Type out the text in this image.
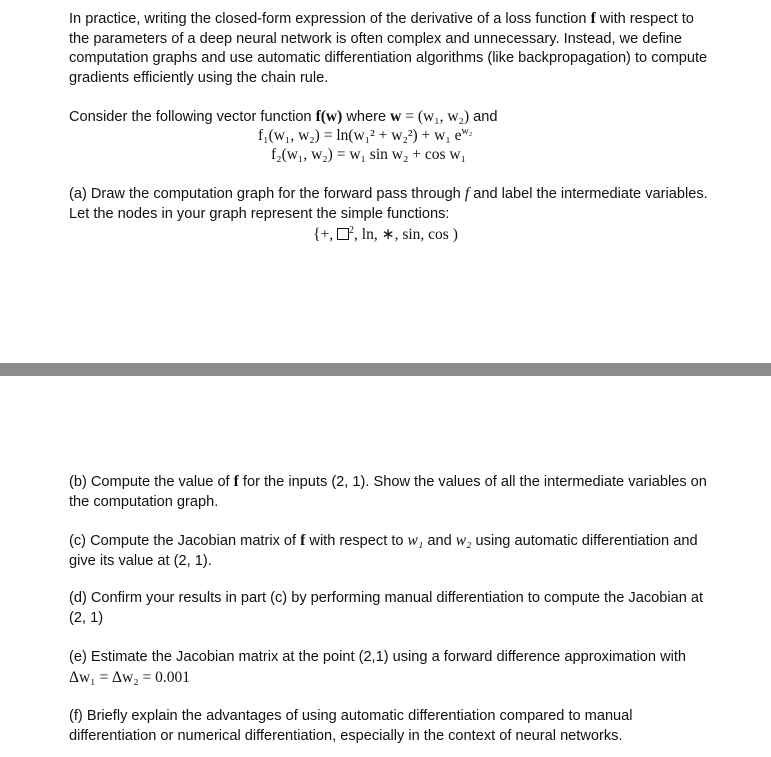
In practice, writing the closed-form expression of the derivative of a loss function f with respect to the parameters of a deep neural network is often complex and unnecessary. Instead, we define computation graphs and use automatic differentiation algorithms (like backpropagation) to compute gradients efficiently using the chain rule.

Consider the following vector function f(w) where w = (w₁, w₂) and

f₁(w₁, w₂) = ln(w₁² + w₂²) + w₁ $e^{w_2}$
f₂(w₁, w₂) = w₁ sin w₂ + cos w₁

(a) Draw the computation graph for the forward pass through f and label the intermediate variables. Let the nodes in your graph represent the simple functions:

{+, $^2$, ln, ∗, sin, cos )

(b) Compute the value of f for the inputs (2, 1). Show the values of all the intermediate variables on the computation graph.

(c) Compute the Jacobian matrix of f with respect to w₁ and w₂ using automatic differentiation and give its value at (2, 1).

(d) Confirm your results in part (c) by performing manual differentiation to compute the Jacobian at (2, 1)

(e) Estimate the Jacobian matrix at the point (2,1) using a forward difference approximation with Δw₁ = Δw₂ = 0.001

(f) Briefly explain the advantages of using automatic differentiation compared to manual differentiation or numerical differentiation, especially in the context of neural networks.
